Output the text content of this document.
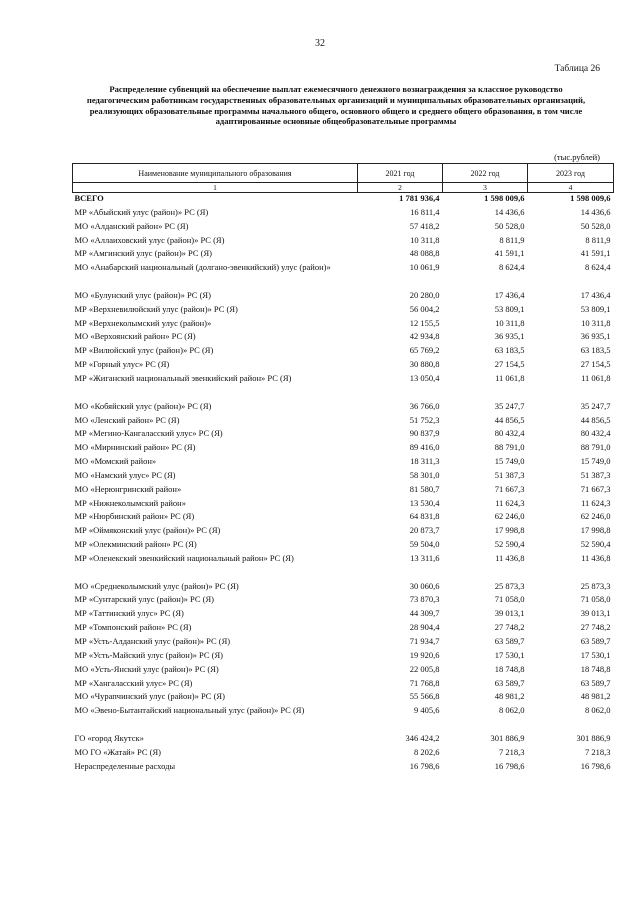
32
Таблица 26
Распределение субвенций на обеспечение выплат ежемесячного денежного вознаграждения за классное руководство педагогическим работникам государственных образовательных организаций и муниципальных образовательных организаций, реализующих образовательные программы начального общего, основного общего и среднего общего образования, в том числе адаптированные основные общеобразовательные программы
(тыс.рублей)
Наименование муниципального образования	2021 год	2022 год	2023 год
1	2	3	4
ВСЕГО	1 781 936,4	1 598 009,6	1 598 009,6
МР «Абыйский улус (район)» РС (Я)	16 811,4	14 436,6	14 436,6
МО «Алданский район» РС (Я)	57 418,2	50 528,0	50 528,0
МО «Аллаиховский улус (район)» РС (Я)	10 311,8	8 811,9	8 811,9
МР «Амгинский улус (район)» РС (Я)	48 088,8	41 591,1	41 591,1
МО «Анабарский национальный (долгано-эвенкийский) улус (район)»	10 061,9	8 624,4	8 624,4
МО «Булунский улус (район)» РС (Я)	20 280,0	17 436,4	17 436,4
МР «Верхневилюйский улус (район)» РС (Я)	56 004,2	53 809,1	53 809,1
МР «Верхнеколымский улус (район)»	12 155,5	10 311,8	10 311,8
МО «Верхоянский район» РС (Я)	42 934,8	36 935,1	36 935,1
МР «Вилюйский улус (район)» РС (Я)	65 769,2	63 183,5	63 183,5
МР «Горный улус» РС (Я)	30 880,8	27 154,5	27 154,5
МР «Жиганский национальный эвенкийский район» РС (Я)	13 050,4	11 061,8	11 061,8

МО «Кобяйский улус (район)» РС (Я)	36 766,0	35 247,7	35 247,7
МО «Ленский район» РС (Я)	51 752,3	44 856,5	44 856,5
МР «Мегино-Кангаласский улус» РС (Я)	90 837,9	80 432,4	80 432,4
МО «Мирнинский район» РС (Я)	89 416,0	88 791,0	88 791,0
МО «Момский район»	18 311,3	15 749,0	15 749,0
МО «Намский улус» РС (Я)	58 301,0	51 387,3	51 387,3
МО «Нерюнгринский район»	81 580,7	71 667,3	71 667,3
МР «Нижнеколымский район»	13 530,4	11 624,3	11 624,3
МР «Нюрбинский район» РС (Я)	64 831,8	62 246,0	62 246,0
МР «Оймяконский улус (район)» РС (Я)	20 873,7	17 998,8	17 998,8
МР «Олекминский район» РС (Я)	59 504,0	52 590,4	52 590,4
МР «Оленекский эвенкийский национальный район» РС (Я)	13 311,6	11 436,8	11 436,8

МО «Среднеколымский улус (район)» РС (Я)	30 060,6	25 873,3	25 873,3
МР «Сунтарский улус (район)» РС (Я)	73 870,3	71 058,0	71 058,0
МР «Таттинский улус» РС (Я)	44 309,7	39 013,1	39 013,1
МР «Томпонский район» РС (Я)	28 904,4	27 748,2	27 748,2
МР «Усть-Алданский улус (район)» РС (Я)	71 934,7	63 589,7	63 589,7
МР «Усть-Майский улус (район)» РС (Я)	19 920,6	17 530,1	17 530,1
МО «Усть-Янский улус (район)» РС (Я)	22 005,8	18 748,8	18 748,8
МР «Хангаласский улус» РС (Я)	71 768,8	63 589,7	63 589,7
МО «Чурапчинский улус (район)» РС (Я)	55 566,8	48 981,2	48 981,2
МО «Эвено-Бытантайский национальный улус (район)» РС (Я)	9 405,6	8 062,0	8 062,0
ГО «город Якутск»	346 424,2	301 886,9	301 886,9
МО ГО «Жатай» РС (Я)	8 202,6	7 218,3	7 218,3
Нераспределенные расходы	16 798,6	16 798,6	16 798,6
